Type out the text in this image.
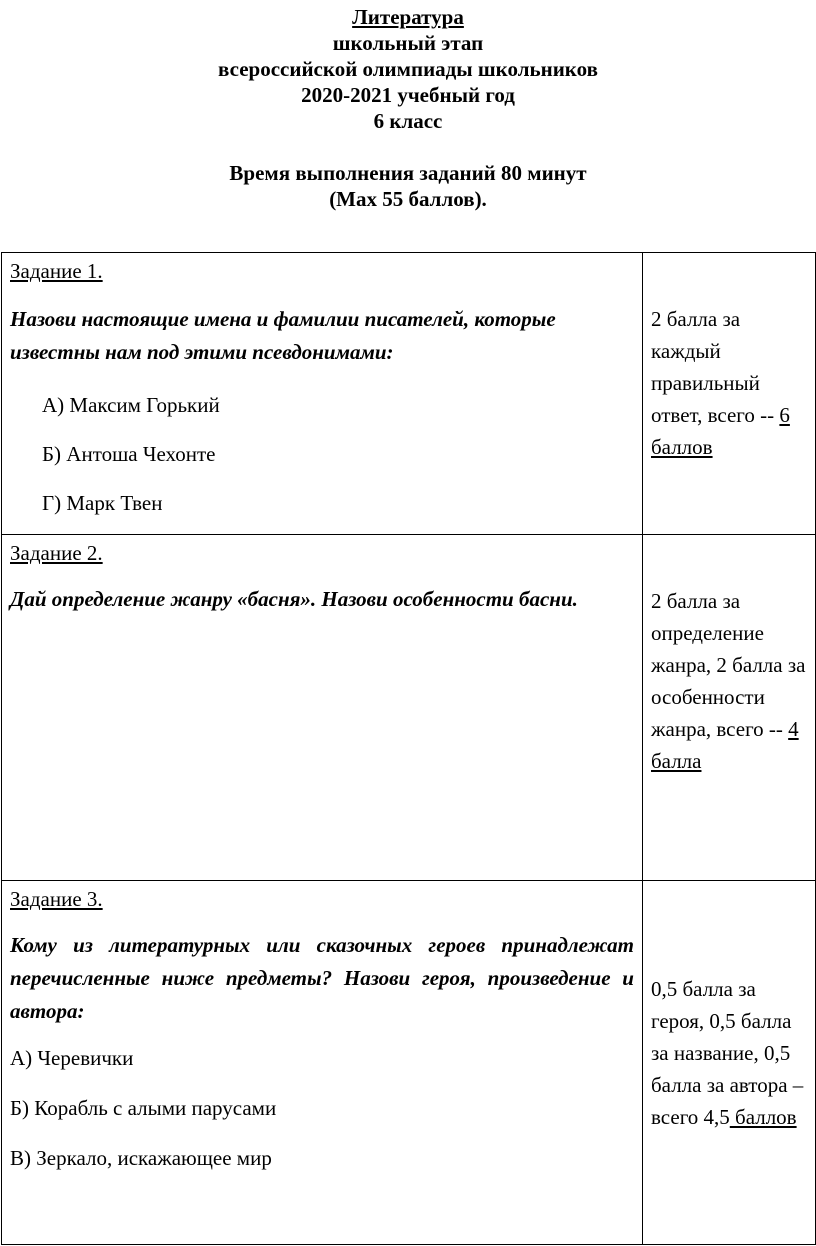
Литература
школьный этап
всероссийской олимпиады школьников
2020-2021 учебный год
6 класс
Время выполнения заданий 80 минут
(Max 55 баллов).
Задание 1.
Назови настоящие имена и фамилии писателей, которые известны нам под этими псевдонимами:
А) Максим Горький
Б) Антоша Чехонте
Г) Марк Твен	2 балла за каждый правильный ответ, всего -- 6 баллов

Задание 2.
Дай определение жанру «басня». Назови особенности басни.	2 балла за определение жанра, 2 балла за особенности жанра, всего -- 4 балла

Задание 3.
Кому из литературных или сказочных героев принадлежат перечисленные ниже предметы? Назови героя, произведение и автора:
А) Черевички
Б) Корабль с алыми парусами
В) Зеркало, искажающее мир	0,5 балла за героя, 0,5 балла за название, 0,5 балла за автора – всего 4,5 баллов
